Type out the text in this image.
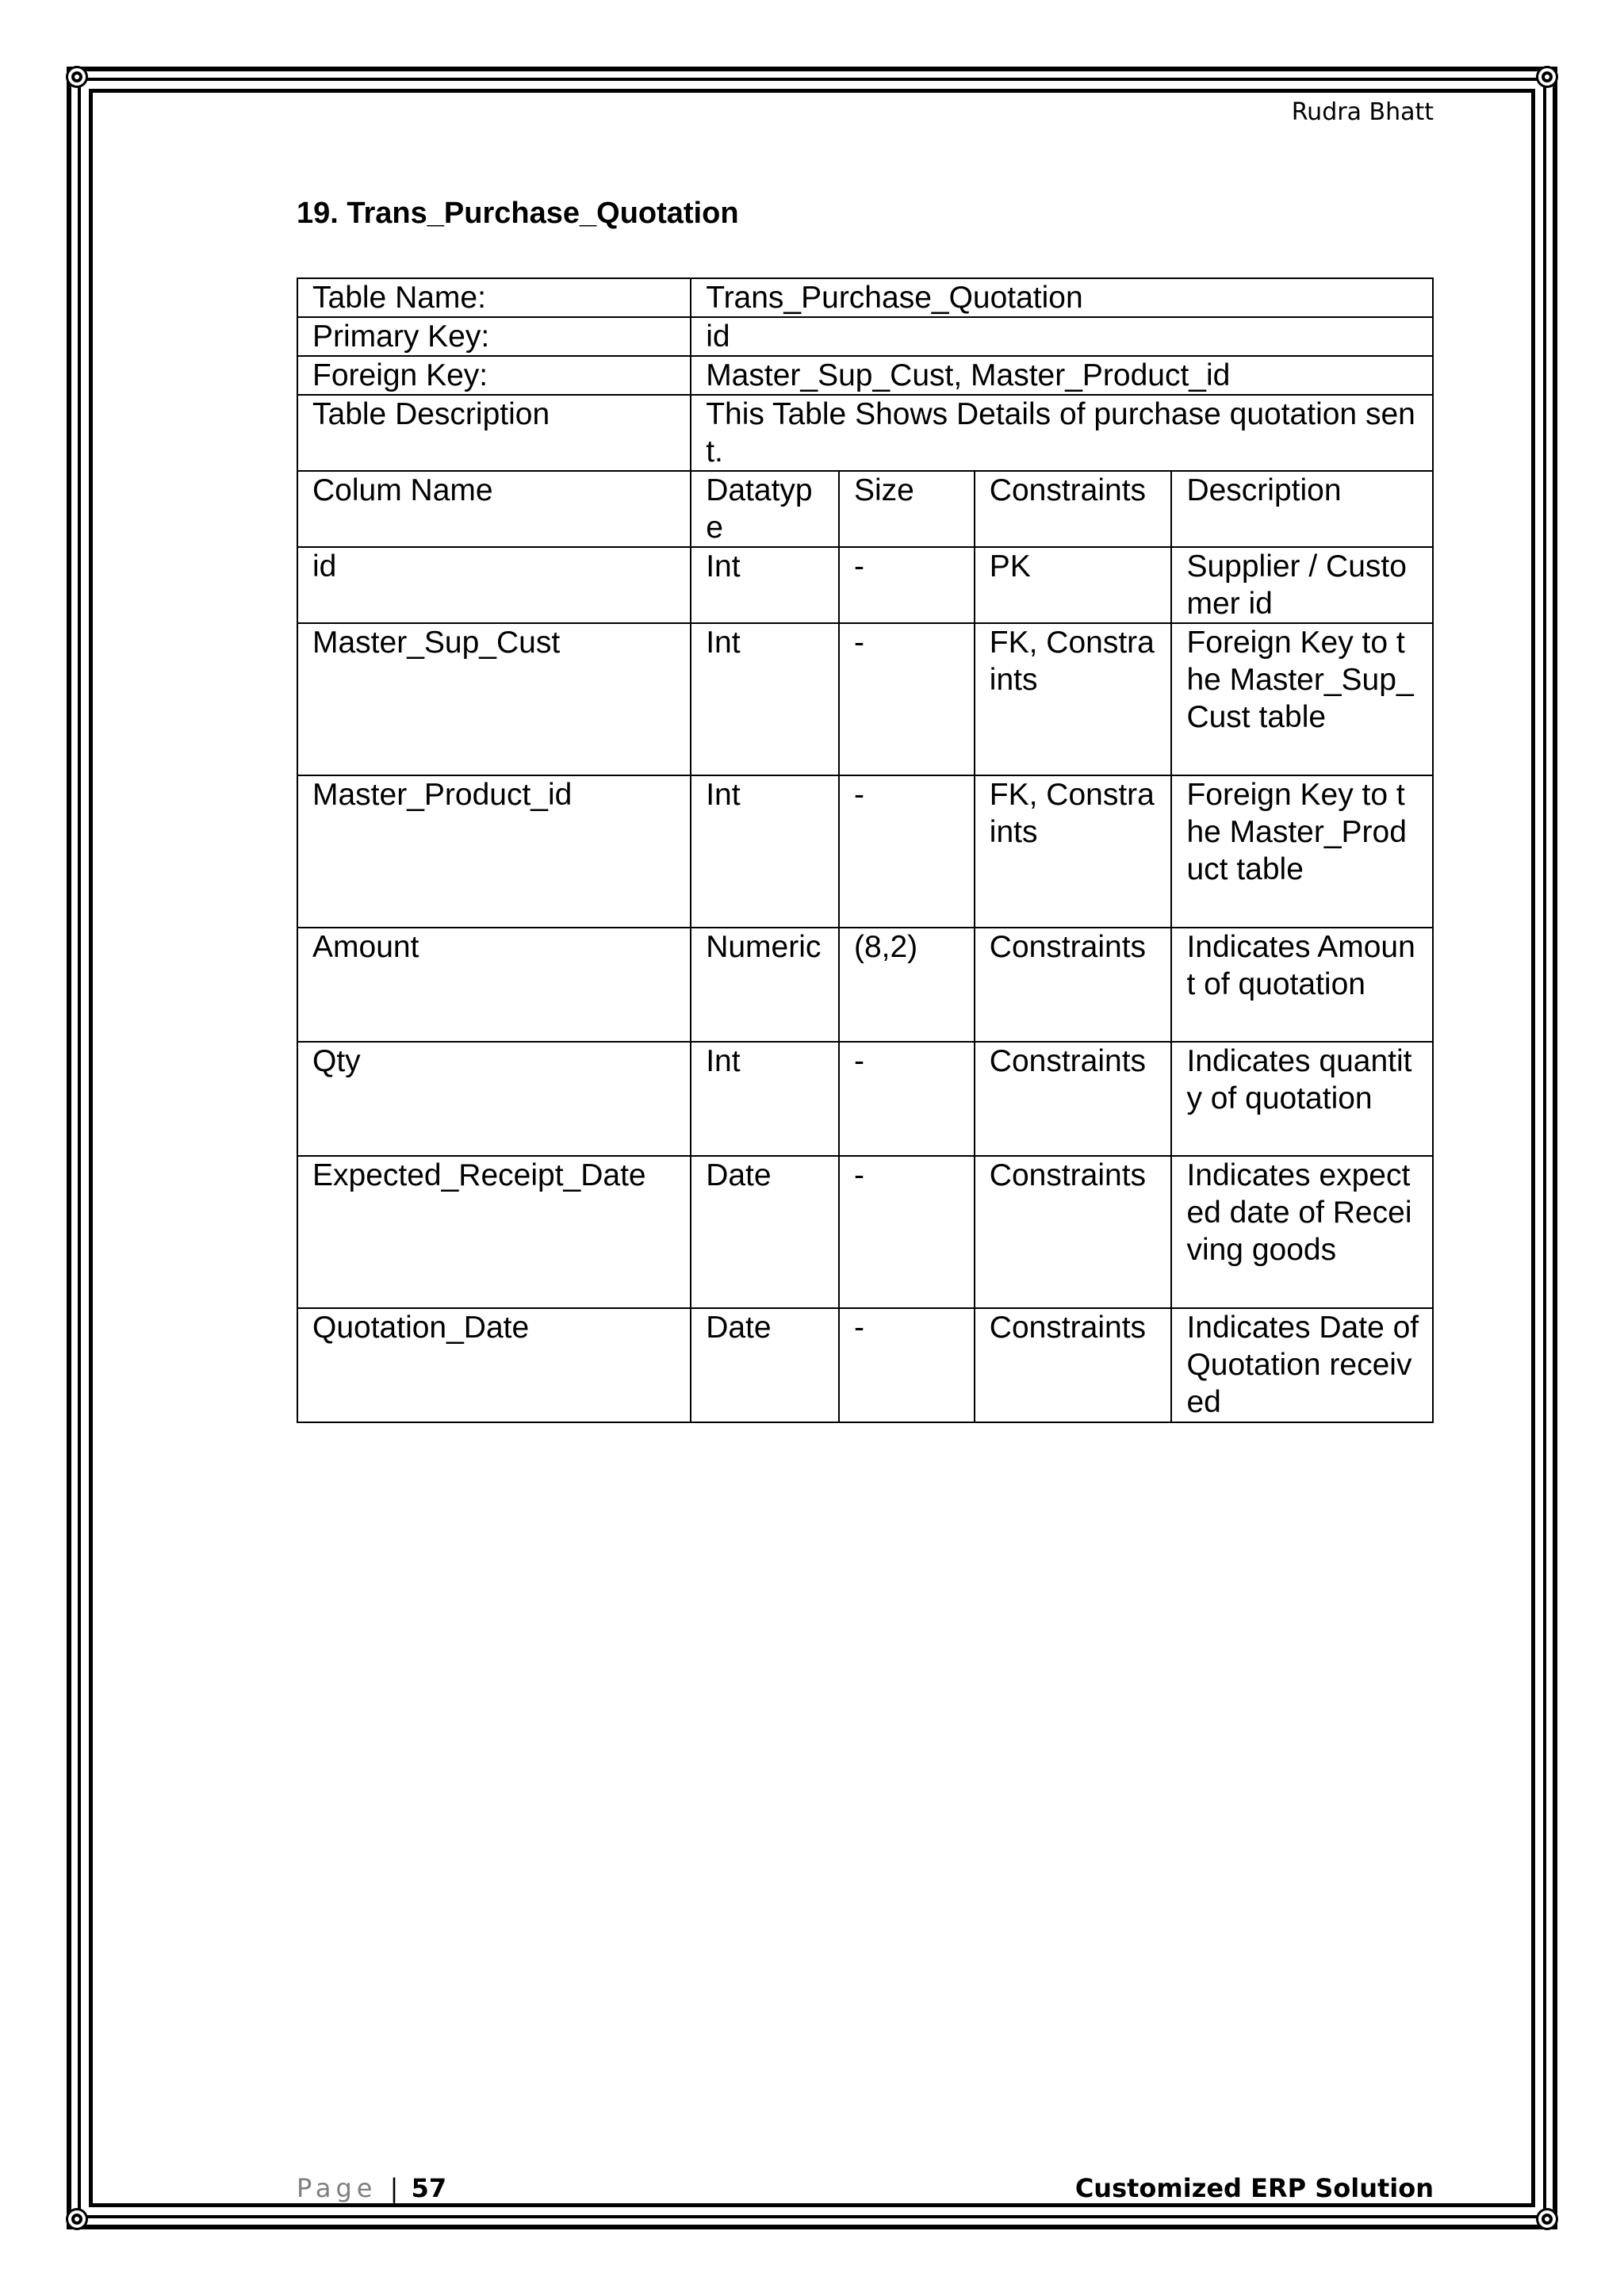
Rudra Bhatt
19. Trans_Purchase_Quotation
Table Name:	Trans_Purchase_Quotation			
Primary Key:	id			
Foreign Key:	Master_Sup_Cust, Master_Product_id			
Table Description	This Table Shows Details of purchase quotation sent.			
Colum Name	Datatype	Size	Constraints	Description
id	Int	-	PK	Supplier / Customer id
Master_Sup_Cust	Int	-	FK, Constraints	Foreign Key to the Master_Sup_Cust table
Master_Product_id	Int	-	FK, Constraints	Foreign Key to the Master_Product table
Amount	Numeric	(8,2)	Constraints	Indicates Amount of quotation
Qty	Int	-	Constraints	Indicates quantity of quotation
Expected_Receipt_Date	Date	-	Constraints	Indicates expected date of Receiving goods
Quotation_Date	Date	-	Constraints	Indicates Date of Quotation received
Page | 57	Customized ERP Solution
